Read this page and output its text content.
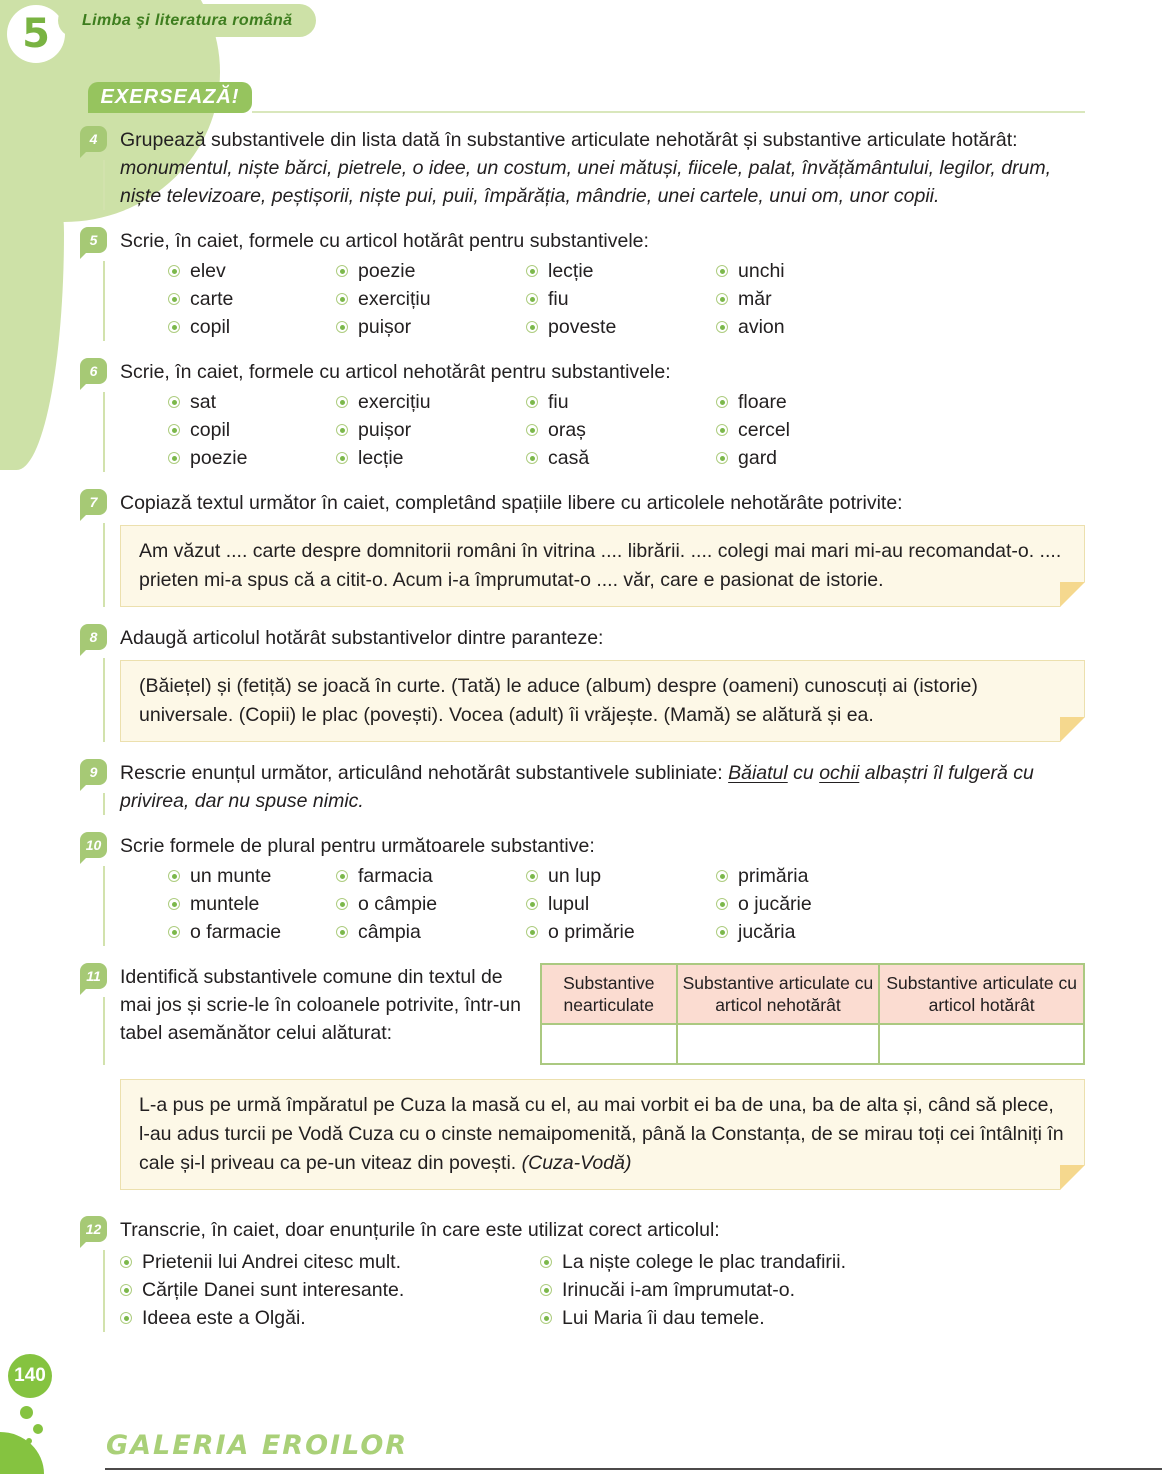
5 Limba şi literatura română
EXERSEAZĂ!
4 Grupează substantivele din lista dată în substantive articulate nehotărât și substantive articulate hotărât:

monumentul, niște bărci, pietrele, o idee, un costum, unei mătuși, fiicele, palat, învățământului, legilor, drum, niște televizoare, peștișorii, niște pui, puii, împărăția, mândrie, unei cartele, unui om, unor copii.

5 Scrie, în caiet, formele cu articol hotărât pentru substantivele:

elev	poezie	lecție	unchi
carte	exercițiu	fiu	măr
copil	puișor	poveste	avion
6 Scrie, în caiet, formele cu articol nehotărât pentru substantivele:

sat	exercițiu	fiu	floare
copil	puișor	oraș	cercel
poezie	lecție	casă	gard
7 Copiază textul următor în caiet, completând spațiile libere cu articolele nehotărâte potrivite:

Am văzut .... carte despre domnitorii români în vitrina .... librării. .... colegi mai mari mi-au recomandat-o. .... prieten mi-a spus că a citit-o. Acum i-a împrumutat-o .... văr, care e pasionat de istorie.
8 Adaugă articolul hotărât substantivelor dintre paranteze:

(Băiețel) și (fetiță) se joacă în curte. (Tată) le aduce (album) despre (oameni) cunoscuți ai (istorie) universale. (Copii) le plac (povești). Vocea (adult) îi vrăjește. (Mamă) se alătură și ea.
9 Rescrie enunțul următor, articulând nehotărât substantivele subliniate: Băiatul cu ochii albaștri îl fulgeră cu privirea, dar nu spuse nimic.

10 Scrie formele de plural pentru următoarele substantive:

un munte	farmacia	un lup	primăria
muntele	o câmpie	lupul	o jucărie
o farmacie	câmpia	o primărie	jucăria
11 Identifică substantivele comune din textul de mai jos și scrie-le în coloanele potrivite, într-un tabel asemănător celui alăturat:

Substantive nearticulate	Substantive articulate cu articol nehotărât	Substantive articulate cu articol hotărât

L-a pus pe urmă împăratul pe Cuza la masă cu el, au mai vorbit ei ba de una, ba de alta și, când să plece, l-au adus turcii pe Vodă Cuza cu o cinste nemaipomenită, până la Constanța, de se mirau toți cei întâlniți în cale și-l priveau ca pe-un viteaz din povești. (Cuza-Vodă)
12 Transcrie, în caiet, doar enunțurile în care este utilizat corect articolul:

Prietenii lui Andrei citesc mult.	La niște colege le plac trandafirii.
Cărțile Danei sunt interesante.	Irinucăi i-am împrumutat-o.
Ideea este a Olgăi.	Lui Maria îi dau temele.
140
GALERIA EROILOR
